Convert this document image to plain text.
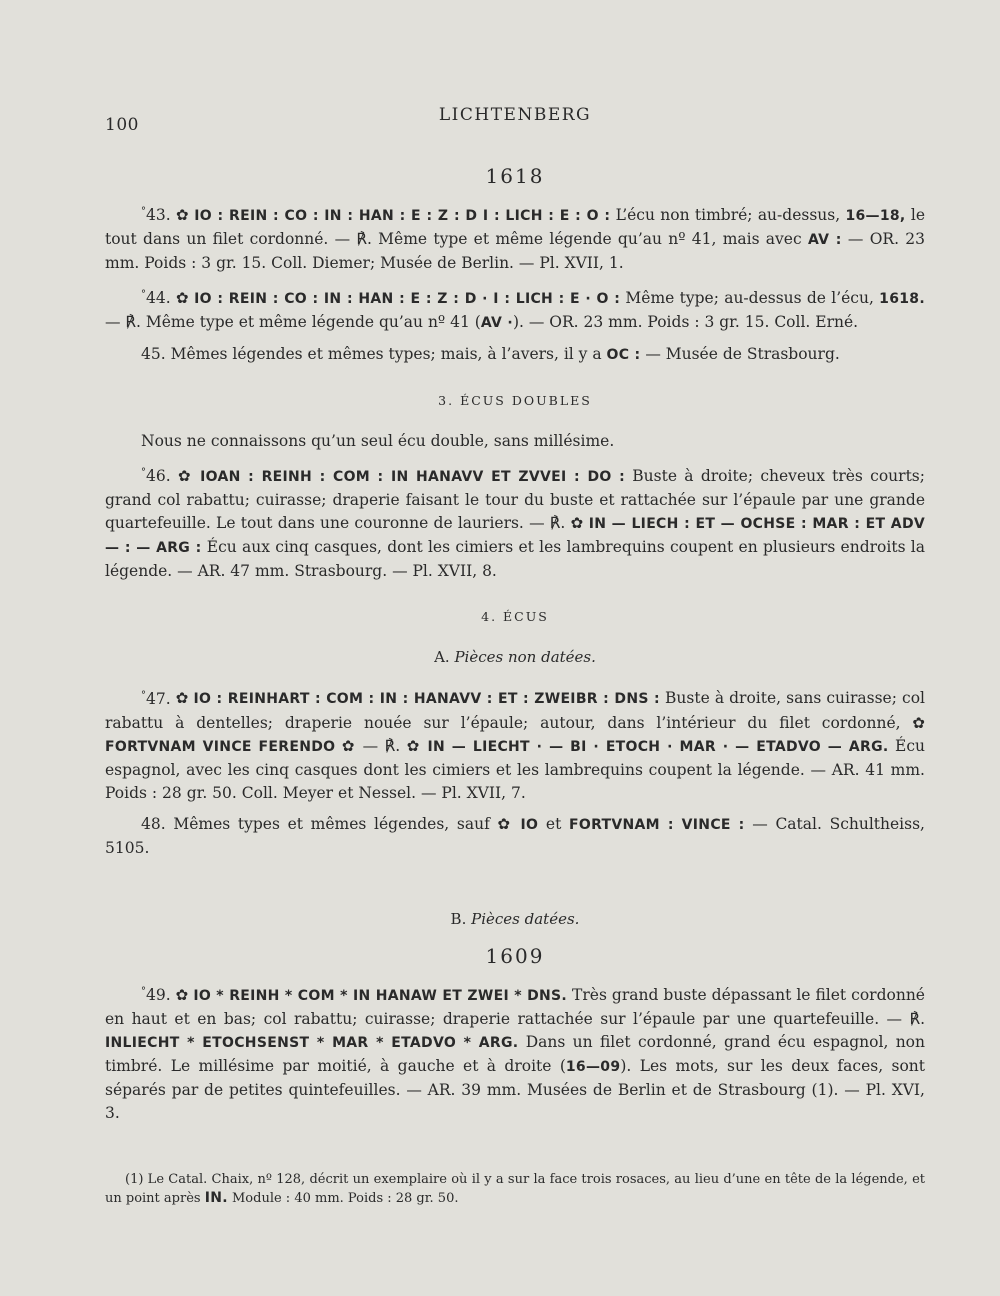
100	LICHTENBERG
1618

°43. ✿ IO : REIN : CO : IN : HAN : E : Z : D I : LICH : E : O : L’écu non timbré; au-dessus, 16—18, le tout dans un filet cordonné. — ℟. Même type et même légende qu’au nº 41, mais avec AV : — OR. 23 mm. Poids : 3 gr. 15. Coll. Diemer; Musée de Berlin. — Pl. XVII, 1.

°44. ✿ IO : REIN : CO : IN : HAN : E : Z : D · I : LICH : E · O : Même type; au-dessus de l’écu, 1618. — ℟. Même type et même légende qu’au nº 41 (AV ·). — OR. 23 mm. Poids : 3 gr. 15. Coll. Erné.

45. Mêmes légendes et mêmes types; mais, à l’avers, il y a OC : — Musée de Strasbourg.

3. ÉCUS DOUBLES

Nous ne connaissons qu’un seul écu double, sans millésime.

°46. ✿ IOAN : REINH : COM : IN HANAVV ET ZVVEI : DO : Buste à droite; cheveux très courts; grand col rabattu; cuirasse; draperie faisant le tour du buste et rattachée sur l’épaule par une grande quartefeuille. Le tout dans une couronne de lauriers. — ℟. ✿ IN — LIECH : ET — OCHSE : MAR : ET ADV — : — ARG : Écu aux cinq casques, dont les cimiers et les lambrequins coupent en plusieurs endroits la légende. — AR. 47 mm. Strasbourg. — Pl. XVII, 8.

4. ÉCUS
A. Pièces non datées.

°47. ✿ IO : REINHART : COM : IN : HANAVV : ET : ZWEIBR : DNS : Buste à droite, sans cuirasse; col rabattu à dentelles; draperie nouée sur l’épaule; autour, dans l’intérieur du filet cordonné, ✿ FORTVNAM VINCE FERENDO ✿ — ℟. ✿ IN — LIECHT · — BI · ETOCH · MAR · — ETADVO — ARG. Écu espagnol, avec les cinq casques dont les cimiers et les lambrequins coupent la légende. — AR. 41 mm. Poids : 28 gr. 50. Coll. Meyer et Nessel. — Pl. XVII, 7.

48. Mêmes types et mêmes légendes, sauf ✿ IO et FORTVNAM : VINCE : — Catal. Schultheiss, 5105.

B. Pièces datées.
1609

°49. ✿ IO * REINH * COM * IN HANAW ET ZWEI * DNS. Très grand buste dépassant le filet cordonné en haut et en bas; col rabattu; cuirasse; draperie rattachée sur l’épaule par une quartefeuille. — ℟. INLIECHT * ETOCHSENST * MAR * ETADVO * ARG. Dans un filet cordonné, grand écu espagnol, non timbré. Le millésime par moitié, à gauche et à droite (16—09). Les mots, sur les deux faces, sont séparés par de petites quintefeuilles. — AR. 39 mm. Musées de Berlin et de Strasbourg (1). — Pl. XVI, 3.

(1) Le Catal. Chaix, nº 128, décrit un exemplaire où il y a sur la face trois rosaces, au lieu d’une en tête de la légende, et un point après IN. Module : 40 mm. Poids : 28 gr. 50.
